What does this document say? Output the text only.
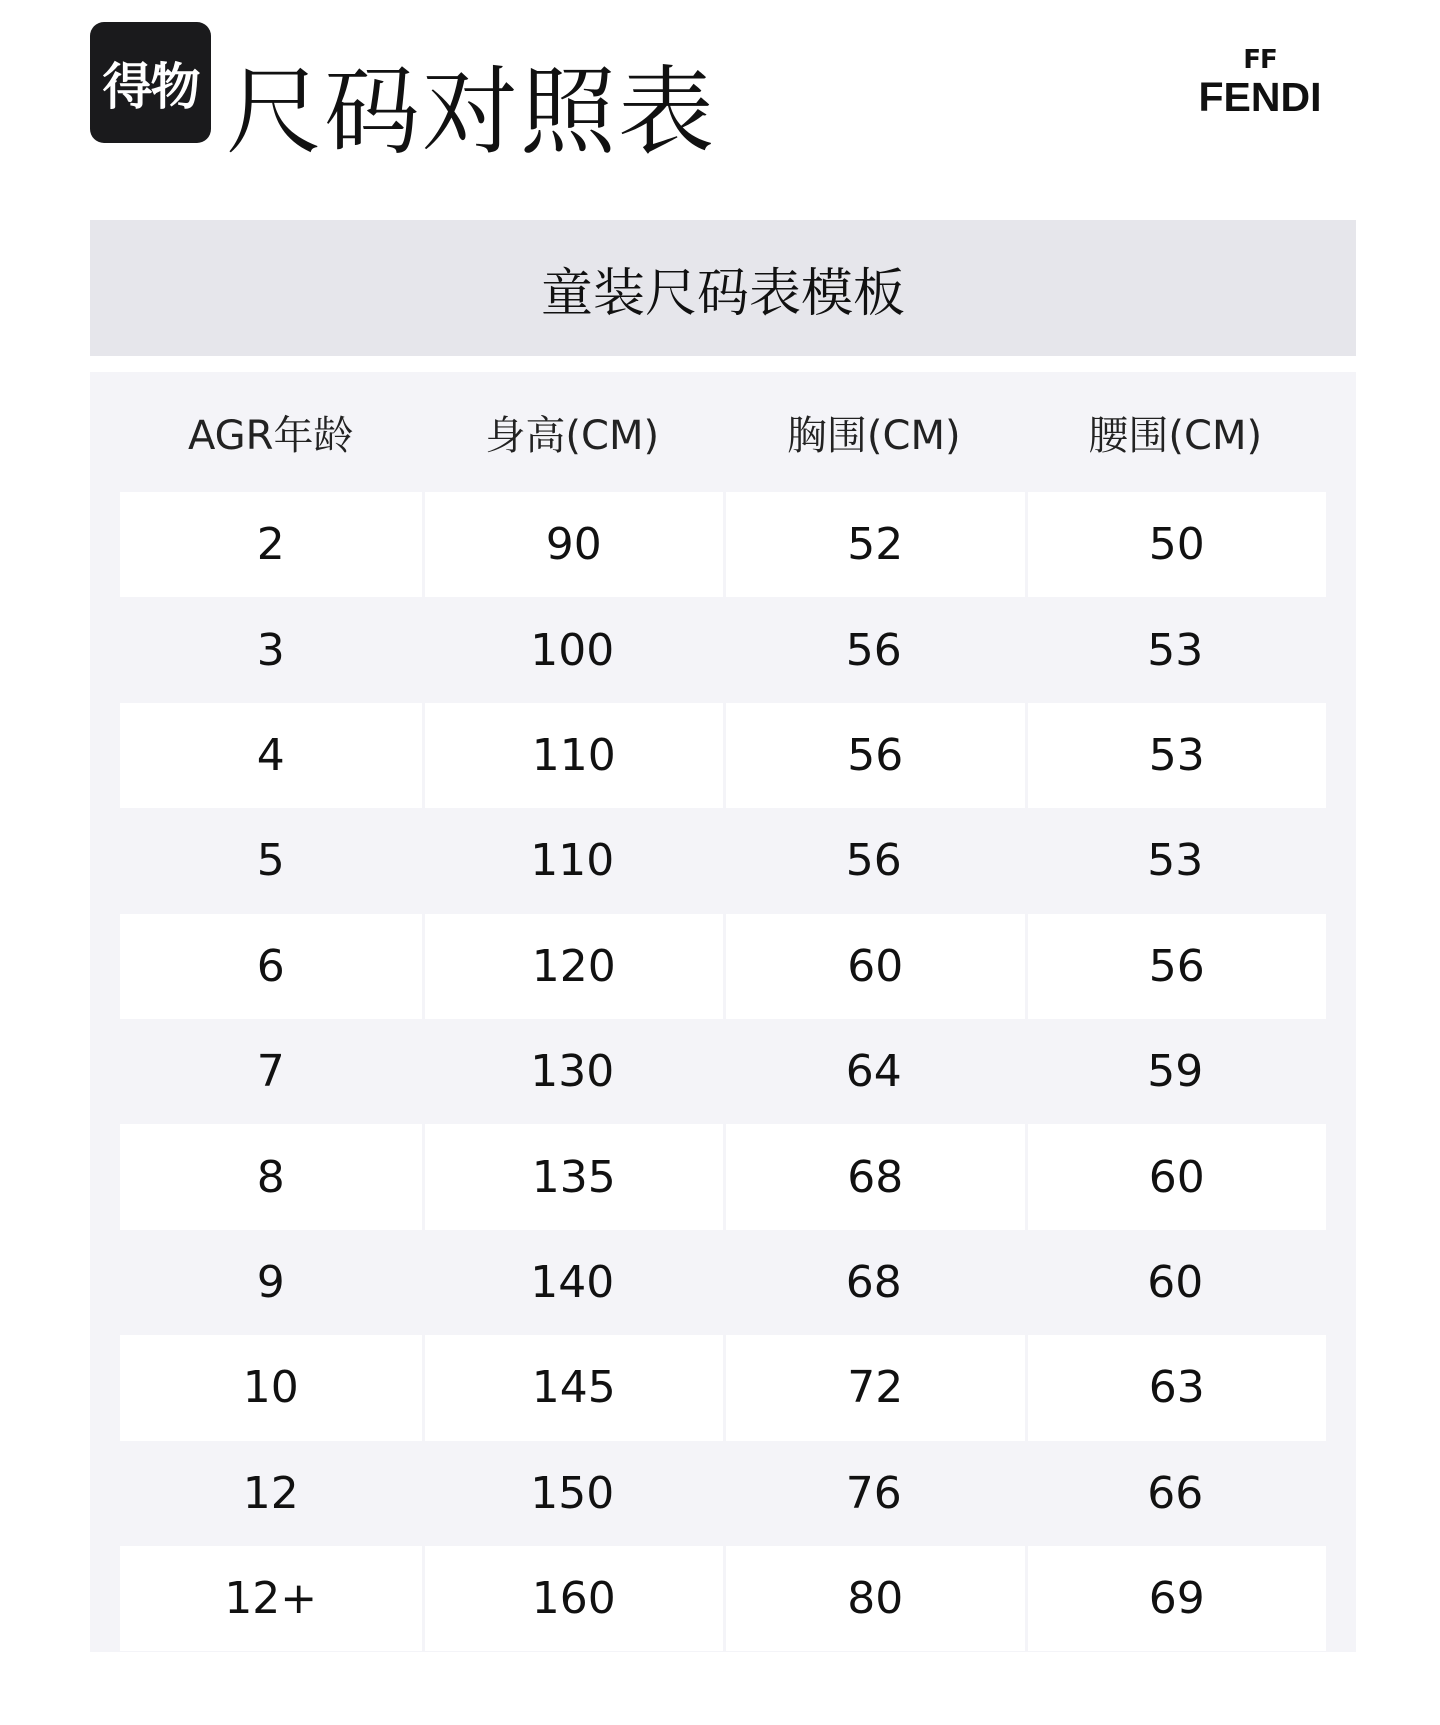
得物 尺码对照表	FF
FENDI
童装尺码表模板
AGR年龄	身高(CM)	胸围(CM)	腰围(CM)
2	90	52	50
3	100	56	53
4	110	56	53
5	110	56	53
6	120	60	56
7	130	64	59
8	135	68	60
9	140	68	60
10	145	72	63
12	150	76	66
12+	160	80	69
